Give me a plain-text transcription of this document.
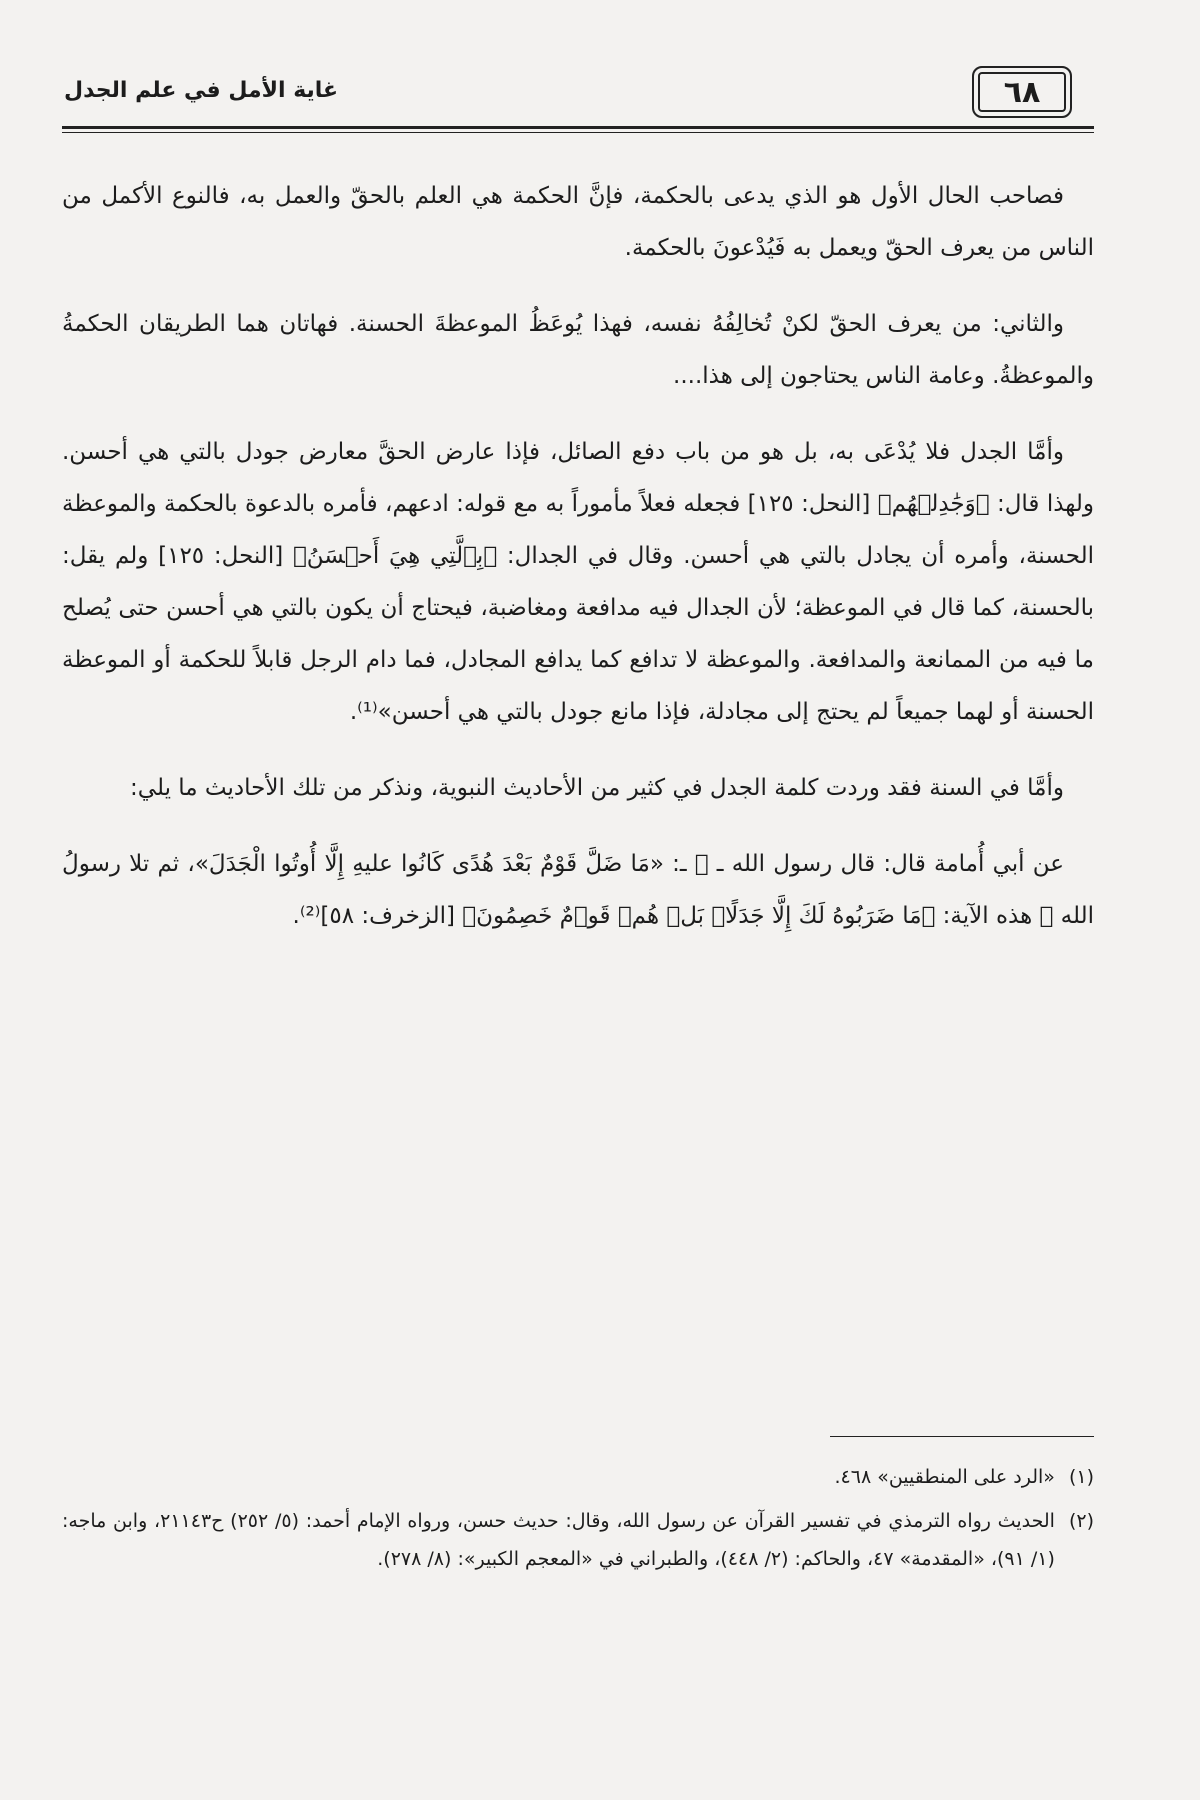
٦٨
غاية الأمل في علم الجدل

فصاحب الحال الأول هو الذي يدعى بالحكمة، فإنَّ الحكمة هي العلم بالحقّ والعمل به، فالنوع الأكمل من الناس من يعرف الحقّ ويعمل به فَيُدْعونَ بالحكمة.

والثاني: من يعرف الحقّ لكنْ تُخالِفُهُ نفسه، فهذا يُوعَظُ الموعظةَ الحسنة. فهاتان هما الطريقان الحكمةُ والموعظةُ. وعامة الناس يحتاجون إلى هذا....

وأمَّا الجدل فلا يُدْعَى به، بل هو من باب دفع الصائل، فإذا عارض الحقَّ معارض جودل بالتي هي أحسن. ولهذا قال: ﴿وَجَٰدِلۡهُم﴾ [النحل: ١٢٥] فجعله فعلاً مأموراً به مع قوله: ادعهم، فأمره بالدعوة بالحكمة والموعظة الحسنة، وأمره أن يجادل بالتي هي أحسن. وقال في الجدال: ﴿بِٱلَّتِي هِيَ أَحۡسَنُ﴾ [النحل: ١٢٥] ولم يقل: بالحسنة، كما قال في الموعظة؛ لأن الجدال فيه مدافعة ومغاضبة، فيحتاج أن يكون بالتي هي أحسن حتى يُصلح ما فيه من الممانعة والمدافعة. والموعظة لا تدافع كما يدافع المجادل، فما دام الرجل قابلاً للحكمة أو الموعظة الحسنة أو لهما جميعاً لم يحتج إلى مجادلة، فإذا مانع جودل بالتي هي أحسن»⁽¹⁾.

وأمَّا في السنة فقد وردت كلمة الجدل في كثير من الأحاديث النبوية، ونذكر من تلك الأحاديث ما يلي:

عن أبي أُمامة قال: قال رسول الله ـ ﷺ ـ: «مَا ضَلَّ قَوْمٌ بَعْدَ هُدًى كَانُوا عليهِ إِلَّا أُوتُوا الْجَدَلَ»، ثم تلا رسولُ الله ﷺ هذه الآية: ﴿مَا ضَرَبُوهُ لَكَ إِلَّا جَدَلًاۢ بَلۡ هُمۡ قَوۡمٌ خَصِمُونَ﴾ [الزخرف: ٥٨]⁽²⁾.

(١)
«الرد على المنطقيين» ٤٦٨.
(٢)
الحديث رواه الترمذي في تفسير القرآن عن رسول الله، وقال: حديث حسن، ورواه الإمام أحمد: (٥/ ٢٥٢) ح٢١١٤٣، وابن ماجه: (١/ ٩١)، «المقدمة» ٤٧، والحاكم: (٢/ ٤٤٨)، والطبراني في «المعجم الكبير»: (٨/ ٢٧٨).
